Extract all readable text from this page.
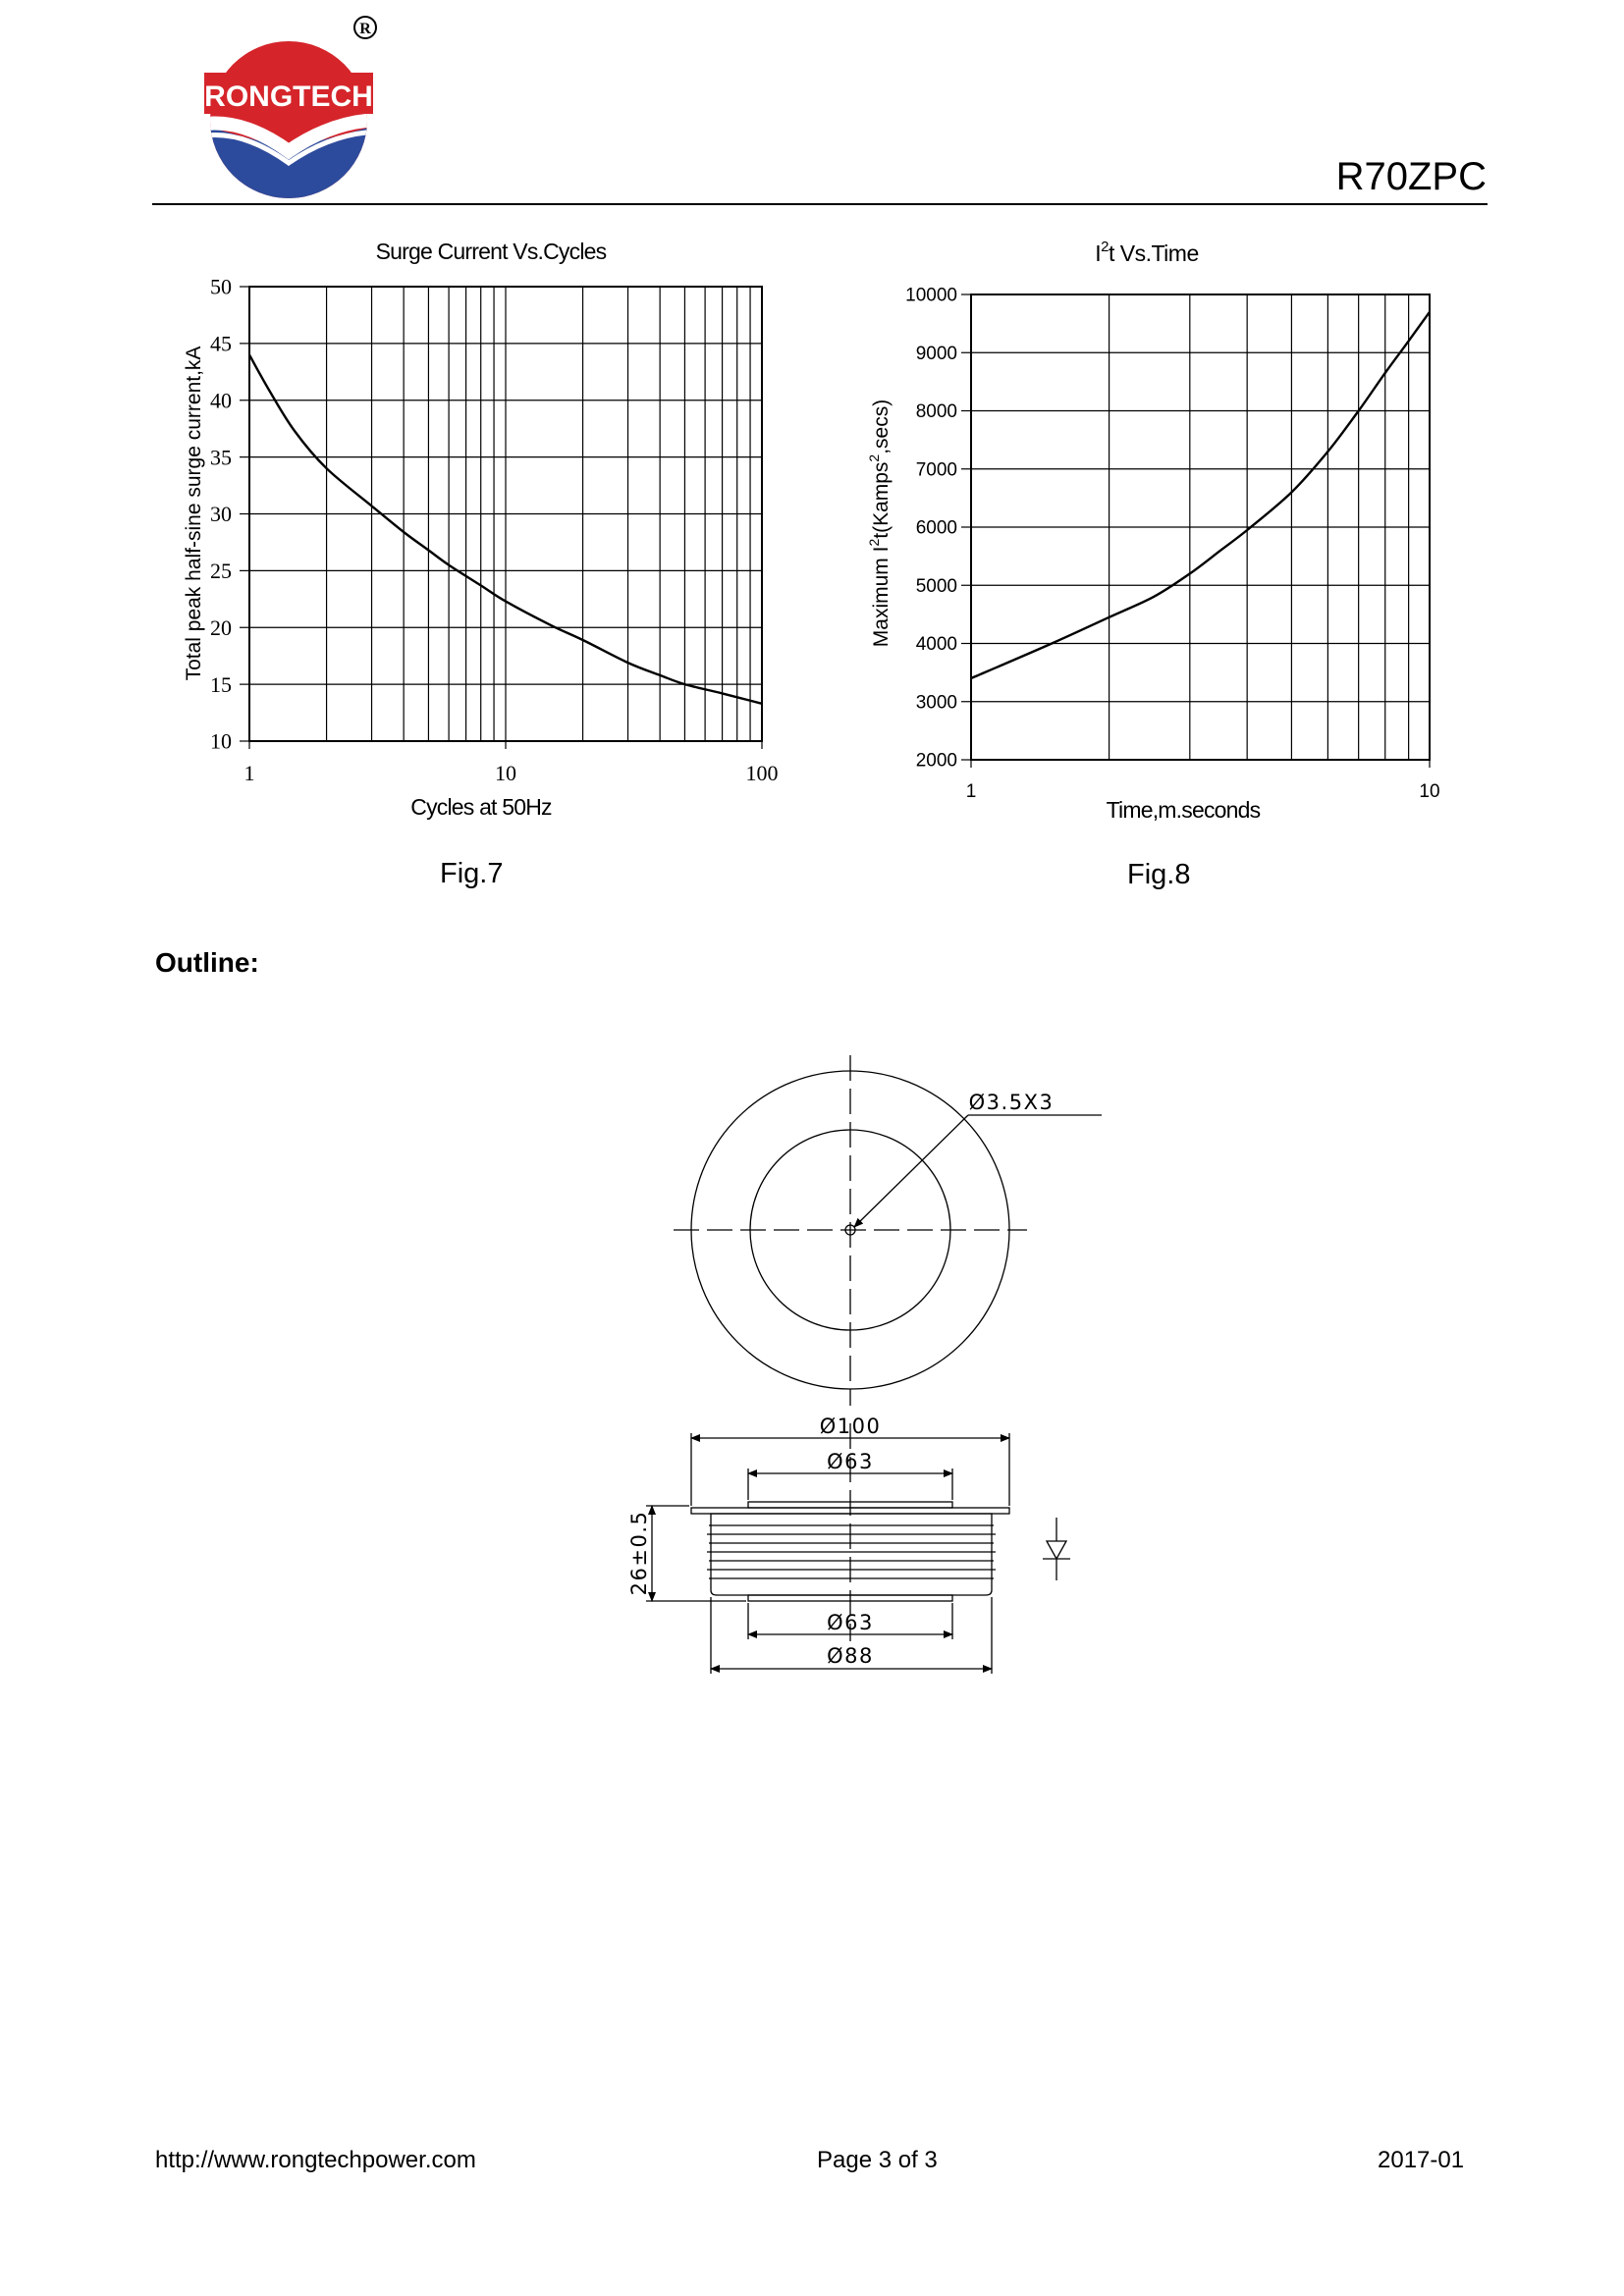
RONGTECH
R
R70ZPC
Surge Current Vs.Cycles
10
15
20
25
30
35
40
45
50
1	10	100
Total peak half-sine surge current,kA
Cycles at 50Hz
$I^2t$ Vs.Time
2000
3000
4000
5000
6000
7000
8000
9000
10000
1	10
Maximum $I^2t(Kamps^2,\sec s)$
Time,m.seconds
Fig.7	Fig.8
Outline:
Ø3.5X3
Ø100
Ø63
26±0.5
Ø63
Ø88
http://www.rongtechpower.com	Page 3 of 3	2017-01
